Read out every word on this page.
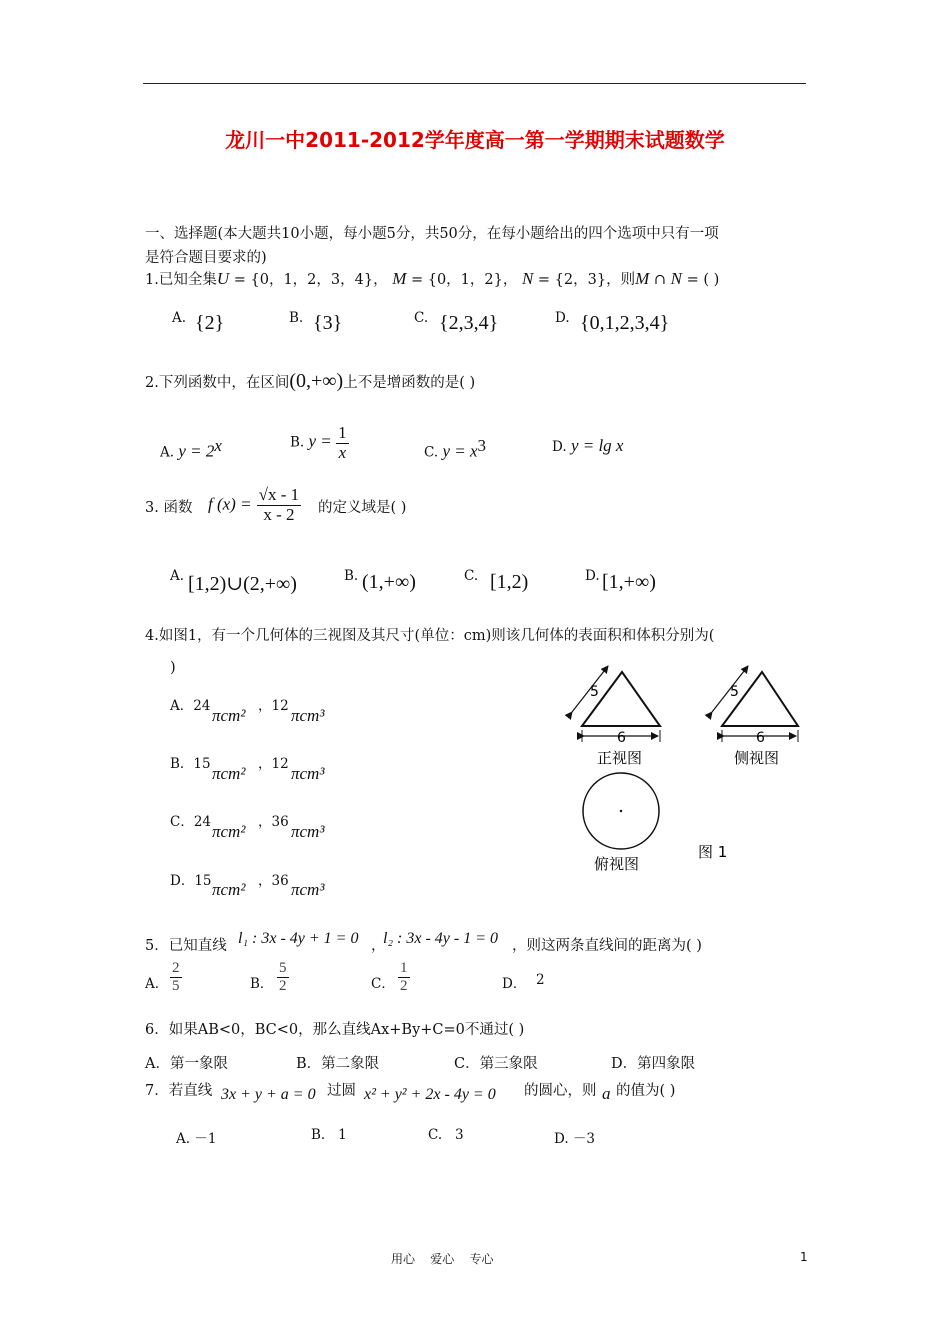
龙川一中2011-2012学年度高一第一学期期末试题数学
一、选择题(本大题共10小题，每小题5分，共50分，在每小题给出的四个选项中只有一项
是符合题目要求的)
1.已知全集U = {0，1，2，3，4}， M = {0，1，2}， N = {2，3}，则M ∩ N = ( )
A. {2}	B. {3}	C. {2,3,4}	D. {0,1,2,3,4}
2.下列函数中，在区间(0,+∞)上不是增函数的是( )
A. $y = 2^x$	B. $y = \frac{1}{x}$	C. $y = x^3$	D. y = lg x
3. 函数 f $(x) = \frac{√x - 1}{x - 2}$ 的定义域是( )
A. [1,2)∪(2,+∞)	B. (1,+∞)	C. [1,2)	D. [1,+∞)
4.如图1，有一个几何体的三视图及其尺寸(单位：cm)则该几何体的表面积和体积分别为(
)
A．24 πcm² ，12 πcm³
B．15 πcm² ，12 πcm³
C．24 πcm² ，36 πcm³
D．15 πcm² ，36 πcm³
5
6
正视图
5
6
侧视图
俯视图
图 1
5．已知直线 l₁ : 3x - 4y + 1 = 0 ，
l₂ : 3x - 4y - 1 = 0 ，则这两条直线间的距离为( )
A． $\frac{2}{5}$	B． $\frac{5}{2}$	C． $\frac{1}{2}$	D． 2
6．如果AB<0，BC<0，那么直线Ax+By+C=0不通过( )
A．第一象限	B．第二象限	C．第三象限	D．第四象限
7．若直线 3x + y + a = 0 过圆 x² + y² + 2x - 4y = 0 的圆心，则 a 的值为( )
A. －1	B. 1	C. 3	D. －3
用心    爱心    专心	1
